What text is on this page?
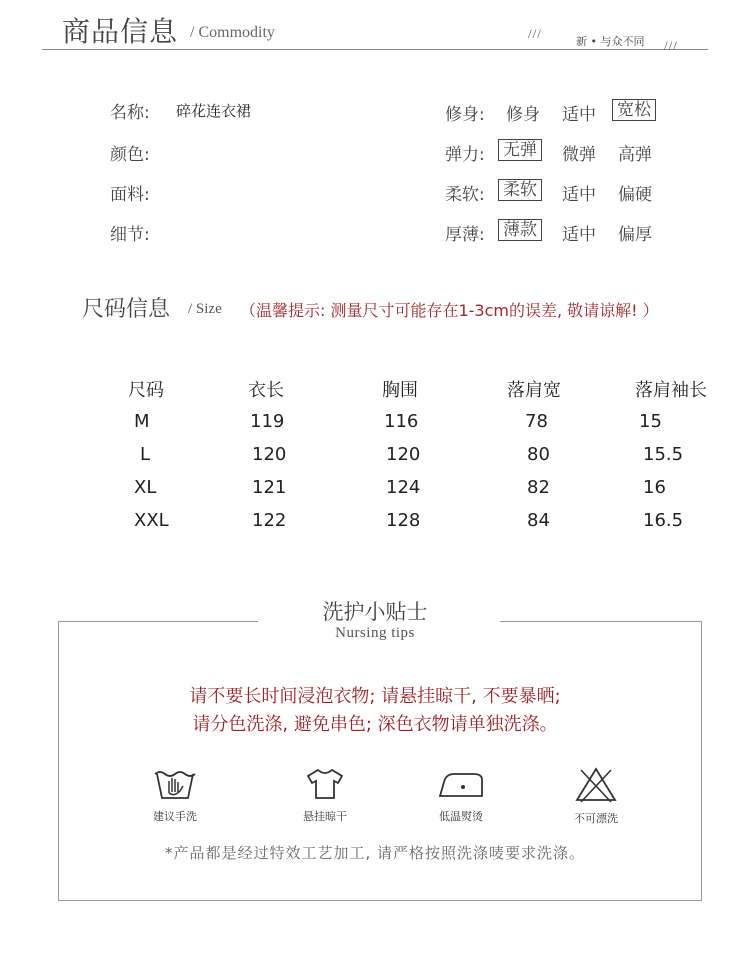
商品信息 / Commodity	///
新 • 与众不同 ///
名称: 碎花连衣裙
颜色:
面料:
细节:
修身: 修身 适中 宽松
弹力: 无弹 微弹 高弹
柔软: 柔软 适中 偏硬
厚薄: 薄款 适中 偏厚
尺码信息 / Size （温馨提示: 测量尺寸可能存在1-3cm的误差, 敬请谅解! ）
尺码	衣长	胸围	落肩宽	落肩袖长
M	119	116	78	15
L	120	120	80	15.5
XL	121	124	82	16
XXL	122	128	84	16.5
洗护小贴士
Nursing tips
请不要长时间浸泡衣物; 请悬挂晾干, 不要暴晒;
请分色洗涤, 避免串色; 深色衣物请单独洗涤。
建议手洗	悬挂晾干	低温熨烫	不可漂洗
*产品都是经过特效工艺加工, 请严格按照洗涤唛要求洗涤。
